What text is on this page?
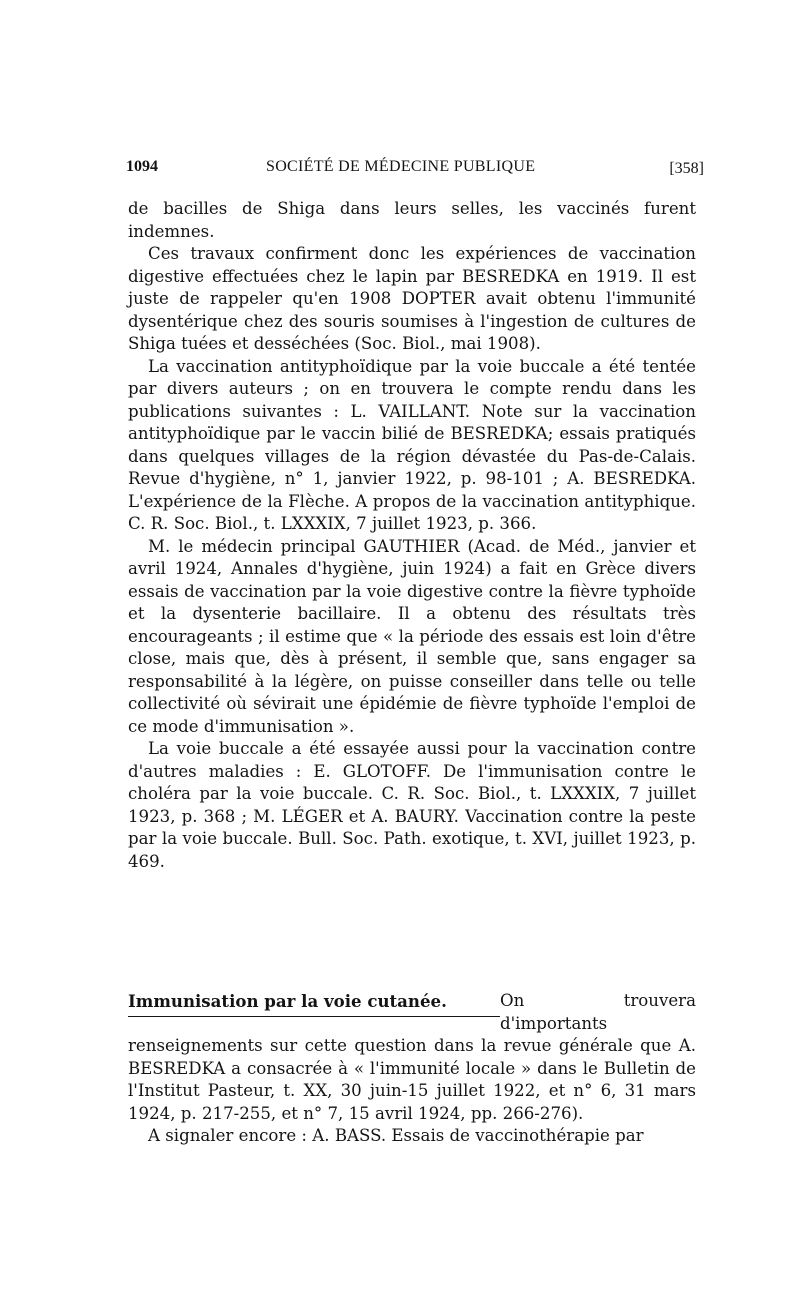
1094	SOCIÉTÉ DE MÉDECINE PUBLIQUE	[358]

de bacilles de Shiga dans leurs selles, les vaccinés furent indemnes.

Ces travaux confirment donc les expériences de vaccination digestive effectuées chez le lapin par BESREDKA en 1919. Il est juste de rappeler qu'en 1908 DOPTER avait obtenu l'immunité dysentérique chez des souris soumises à l'ingestion de cultures de Shiga tuées et desséchées (Soc. Biol., mai 1908).

La vaccination antityphoïdique par la voie buccale a été tentée par divers auteurs ; on en trouvera le compte rendu dans les publications suivantes : L. VAILLANT. Note sur la vaccination antityphoïdique par le vaccin bilié de BESREDKA; essais pratiqués dans quelques villages de la région dévastée du Pas-de-Calais. Revue d'hygiène, n° 1, janvier 1922, p. 98-101 ; A. BESREDKA. L'expérience de la Flèche. A propos de la vaccination antityphique. C. R. Soc. Biol., t. LXXXIX, 7 juillet 1923, p. 366.

M. le médecin principal GAUTHIER (Acad. de Méd., janvier et avril 1924, Annales d'hygiène, juin 1924) a fait en Grèce divers essais de vaccination par la voie digestive contre la fièvre typhoïde et la dysenterie bacillaire. Il a obtenu des résultats très encourageants ; il estime que « la période des essais est loin d'être close, mais que, dès à présent, il semble que, sans engager sa responsabilité à la légère, on puisse conseiller dans telle ou telle collectivité où sévirait une épidémie de fièvre typhoïde l'emploi de ce mode d'immunisation ».

La voie buccale a été essayée aussi pour la vaccination contre d'autres maladies : E. GLOTOFF. De l'immunisation contre le choléra par la voie buccale. C. R. Soc. Biol., t. LXXXIX, 7 juillet 1923, p. 368 ; M. LÉGER et A. BAURY. Vaccination contre la peste par la voie buccale. Bull. Soc. Path. exotique, t. XVI, juillet 1923, p. 469.

Immunisation par la voie cutanée.	On trouvera d'importants renseignements sur cette question dans la revue générale que A. BESREDKA a consacrée à « l'immunité locale » dans le Bulletin de l'Institut Pasteur, t. XX, 30 juin-15 juillet 1922, et n° 6, 31 mars 1924, p. 217-255, et n° 7, 15 avril 1924, pp. 266-276).

A signaler encore : A. BASS. Essais de vaccinothérapie par
